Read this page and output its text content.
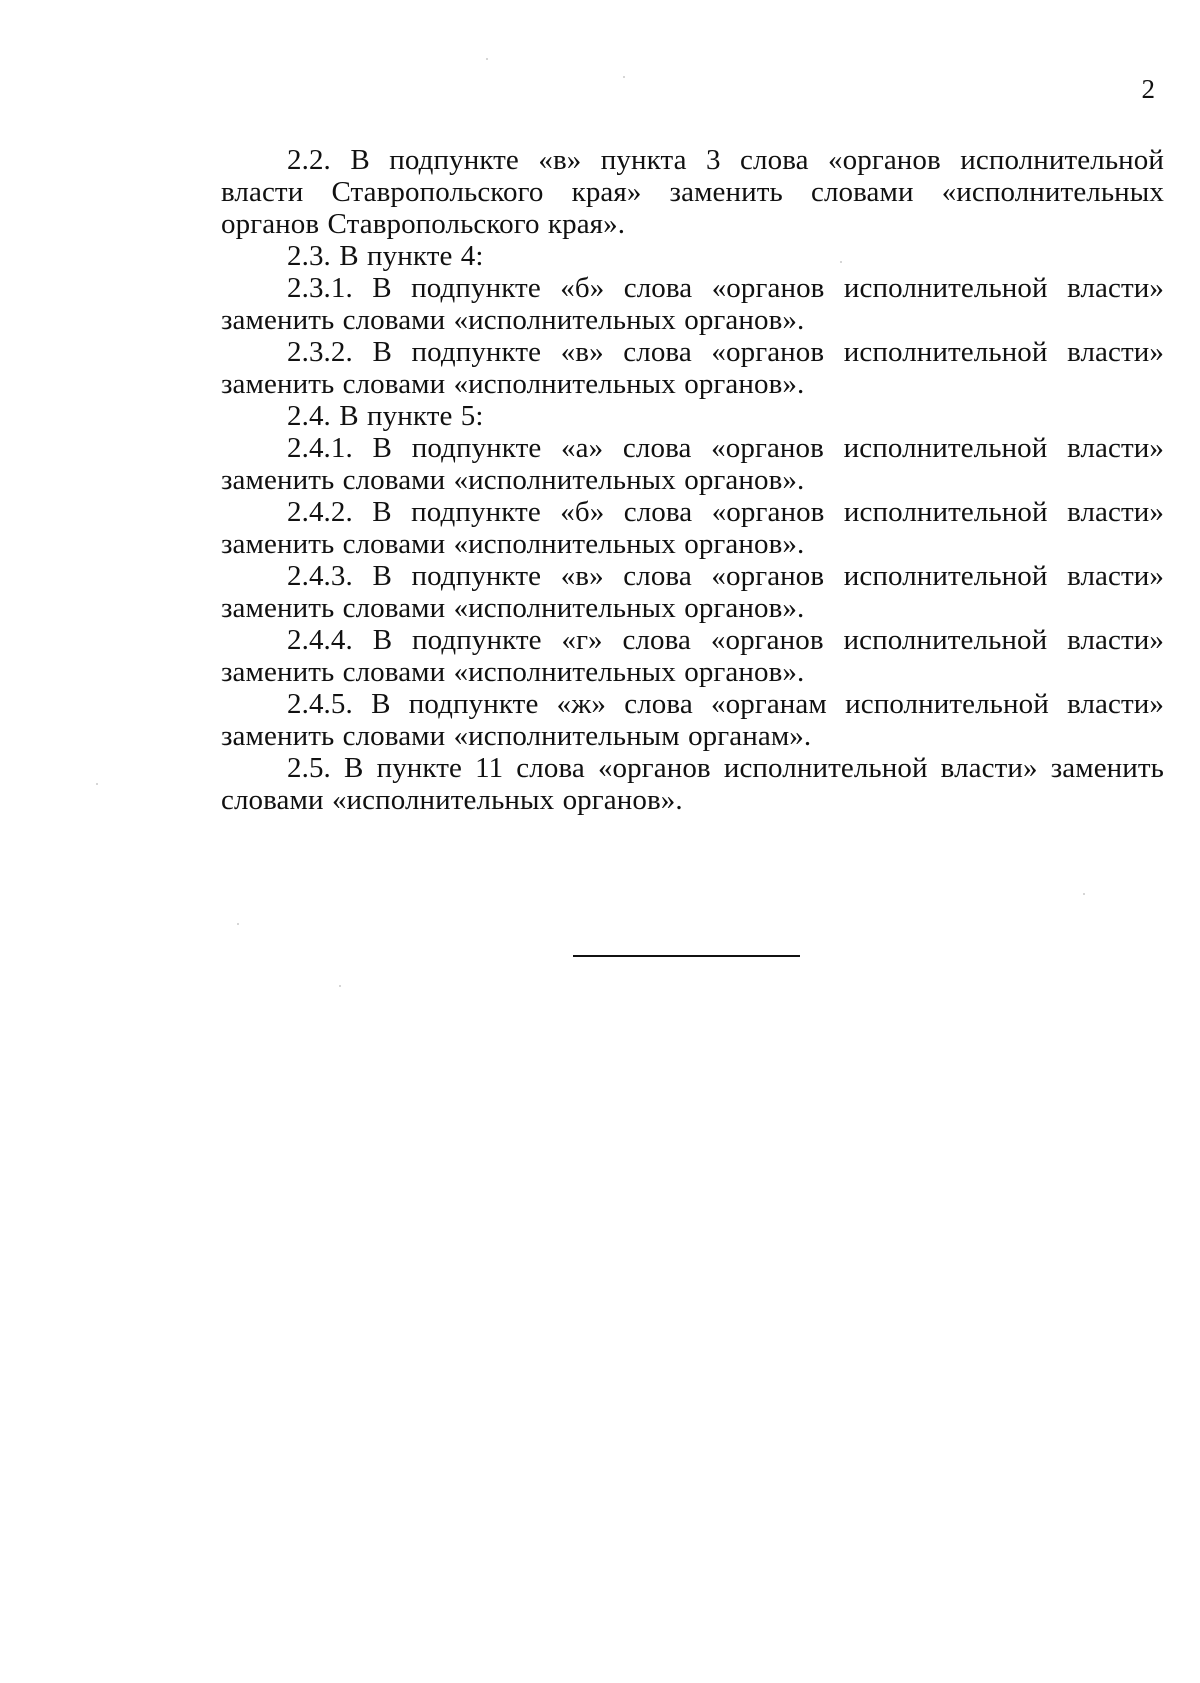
2

2.2. В подпункте «в» пункта 3 слова «органов исполнительной власти Ставропольского края» заменить словами «исполнительных органов Ставропольского края».

2.3. В пункте 4:

2.3.1. В подпункте «б» слова «органов исполнительной власти» заменить словами «исполнительных органов».

2.3.2. В подпункте «в» слова «органов исполнительной власти» заменить словами «исполнительных органов».

2.4. В пункте 5:

2.4.1. В подпункте «а» слова «органов исполнительной власти» заменить словами «исполнительных органов».

2.4.2. В подпункте «б» слова «органов исполнительной власти» заменить словами «исполнительных органов».

2.4.3. В подпункте «в» слова «органов исполнительной власти» заменить словами «исполнительных органов».

2.4.4. В подпункте «г» слова «органов исполнительной власти» заменить словами «исполнительных органов».

2.4.5. В подпункте «ж» слова «органам исполнительной власти» заменить словами «исполнительным органам».

2.5. В пункте 11 слова «органов исполнительной власти» заменить словами «исполнительных органов».
